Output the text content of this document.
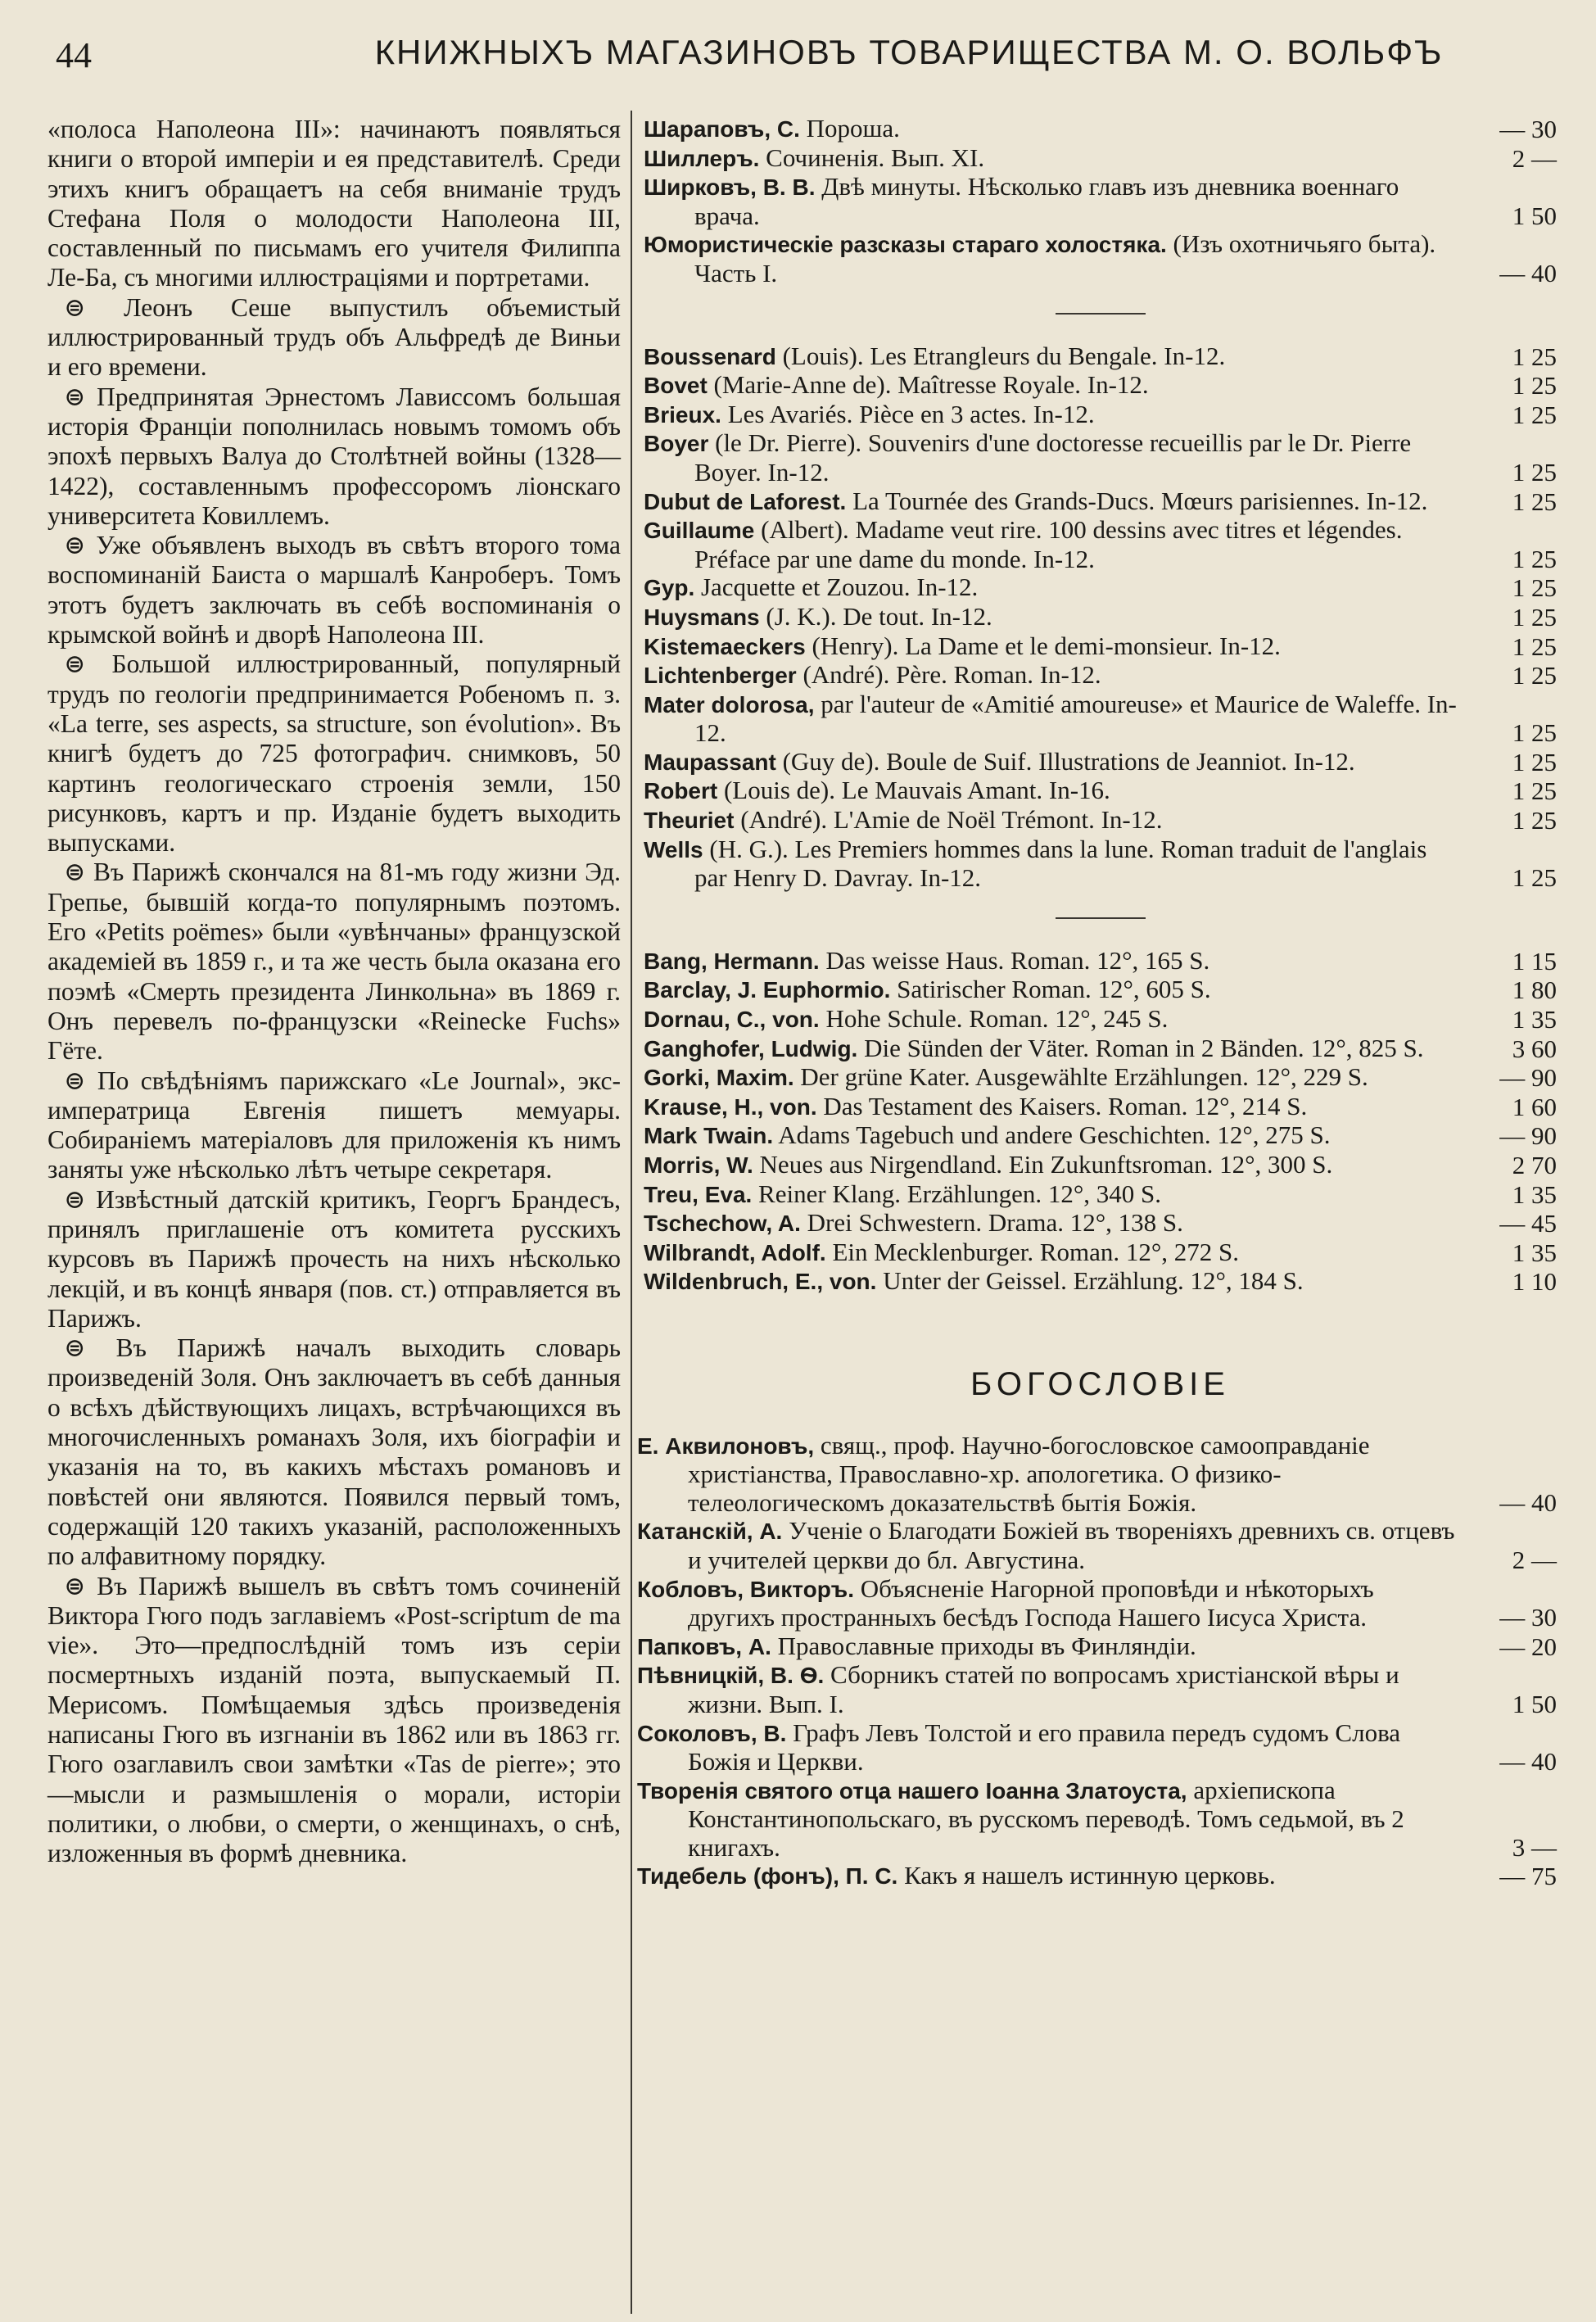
44	КНИЖНЫХЪ МАГАЗИНОВЪ ТОВАРИЩЕСТВА М. О. ВОЛЬФЪ

«полоса Наполеона III»: начинаютъ появляться книги о второй имперіи и ея представителѣ. Среди этихъ книгъ обращаетъ на себя вниманіе трудъ Стефана Поля о молодости Наполеона III, составленный по письмамъ его учителя Филиппа Ле-Ба, съ многими иллюстраціями и портретами.

⊜ Леонъ Сеше выпустилъ объемистый иллюстрированный трудъ объ Альфредѣ де Виньи и его времени.

⊜ Предпринятая Эрнестомъ Лависсомъ большая исторія Франціи пополнилась новымъ томомъ объ эпохѣ первыхъ Валуа до Столѣтней войны (1328—1422), составленнымъ профессоромъ ліонскаго университета Ковиллемъ.

⊜ Уже объявленъ выходъ въ свѣтъ второго тома воспоминаній Баиста о маршалѣ Канроберъ. Томъ этотъ будетъ заключать въ себѣ воспоминанія о крымской войнѣ и дворѣ Наполеона III.

⊜ Большой иллюстрированный, популярный трудъ по геологіи предпринимается Робеномъ п. з. «La terre, ses aspects, sa structure, son évolution». Въ книгѣ будетъ до 725 фотографич. снимковъ, 50 картинъ геологическаго строенія земли, 150 рисунковъ, картъ и пр. Изданіе будетъ выходить выпусками.

⊜ Въ Парижѣ скончался на 81-мъ году жизни Эд. Грепье, бывшій когда-то популярнымъ поэтомъ. Его «Petits poëmes» были «увѣнчаны» французской академіей въ 1859 г., и та же честь была оказана его поэмѣ «Смерть президента Линкольна» въ 1869 г. Онъ перевелъ по-французски «Reinecke Fuchs» Гёте.

⊜ По свѣдѣніямъ парижскаго «Le Journal», экс-императрица Евгенія пишетъ мемуары. Собираніемъ матеріаловъ для приложенія къ нимъ заняты уже нѣсколько лѣтъ четыре секретаря.

⊜ Извѣстный датскій критикъ, Георгъ Брандесъ, принялъ приглашеніе отъ комитета русскихъ курсовъ въ Парижѣ прочесть на нихъ нѣсколько лекцій, и въ концѣ января (пов. ст.) отправляется въ Парижъ.

⊜ Въ Парижѣ началъ выходить словарь произведеній Золя. Онъ заключаетъ въ себѣ данныя о всѣхъ дѣйствующихъ лицахъ, встрѣчающихся въ многочисленныхъ романахъ Золя, ихъ біографіи и указанія на то, въ какихъ мѣстахъ романовъ и повѣстей они являются. Появился первый томъ, содержащій 120 такихъ указаній, расположенныхъ по алфавитному порядку.

⊜ Въ Парижѣ вышелъ въ свѣтъ томъ сочиненій Виктора Гюго подъ заглавіемъ «Post-scriptum de ma vie». Это—предпослѣдній томъ изъ серіи посмертныхъ изданій поэта, выпускаемый П. Мерисомъ. Помѣщаемыя здѣсь произведенія написаны Гюго въ изгнаніи въ 1862 или въ 1863 гг. Гюго озаглавилъ свои замѣтки «Tas de pierre»; это—мысли и размышленія о морали, исторіи политики, о любви, о смерти, о женщинахъ, о снѣ, изложенныя въ формѣ дневника.

Шараповъ, С. Пороша.	— 30
Шиллеръ. Сочиненія. Вып. XI.	2 —
Ширковъ, В. В. Двѣ минуты. Нѣсколько главъ изъ дневника военнаго врача.	1 50
Юмористическіе разсказы стараго холостяка. (Изъ охотничьяго быта). Часть I.	— 40
Boussenard (Louis). Les Etrangleurs du Bengale. In-12.	1 25
Bovet (Marie-Anne de). Maîtresse Royale. In-12.	1 25
Brieux. Les Avariés. Pièce en 3 actes. In-12.	1 25
Boyer (le Dr. Pierre). Souvenirs d'une doctoresse recueillis par le Dr. Pierre Boyer. In-12.	1 25
Dubut de Laforest. La Tournée des Grands-Ducs. Mœurs parisiennes. In-12.	1 25
Guillaume (Albert). Madame veut rire. 100 dessins avec titres et légendes. Préface par une dame du monde. In-12.	1 25
Gyp. Jacquette et Zouzou. In-12.	1 25
Huysmans (J. K.). De tout. In-12.	1 25
Kistemaeckers (Henry). La Dame et le demi-monsieur. In-12.	1 25
Lichtenberger (André). Père. Roman. In-12.	1 25
Mater dolorosa, par l'auteur de «Amitié amoureuse» et Maurice de Waleffe. In-12.	1 25
Maupassant (Guy de). Boule de Suif. Illustrations de Jeanniot. In-12.	1 25
Robert (Louis de). Le Mauvais Amant. In-16.	1 25
Theuriet (André). L'Amie de Noël Trémont. In-12.	1 25
Wells (H. G.). Les Premiers hommes dans la lune. Roman traduit de l'anglais par Henry D. Davray. In-12.	1 25
Bang, Hermann. Das weisse Haus. Roman. 12°, 165 S.	1 15
Barclay, J. Euphormio. Satirischer Roman. 12°, 605 S.	1 80
Dornau, C., von. Hohe Schule. Roman. 12°, 245 S.	1 35
Ganghofer, Ludwig. Die Sünden der Väter. Roman in 2 Bänden. 12°, 825 S.	3 60
Gorki, Maxim. Der grüne Kater. Ausgewählte Erzählungen. 12°, 229 S.	— 90
Krause, H., von. Das Testament des Kaisers. Roman. 12°, 214 S.	1 60
Mark Twain. Adams Tagebuch und andere Geschichten. 12°, 275 S.	— 90
Morris, W. Neues aus Nirgendland. Ein Zukunftsroman. 12°, 300 S.	2 70
Treu, Eva. Reiner Klang. Erzählungen. 12°, 340 S.	1 35
Tschechow, A. Drei Schwestern. Drama. 12°, 138 S.	— 45
Wilbrandt, Adolf. Ein Mecklenburger. Roman. 12°, 272 S.	1 35
Wildenbruch, E., von. Unter der Geissel. Erzählung. 12°, 184 S.	1 10
БОГОСЛОВІЕ
Е. Аквилоновъ, свящ., проф. Научно-богословское самооправданіе христіанства, Православно-хр. апологетика. О физико-телеологическомъ доказательствѣ бытія Божія.	— 40
Катанскій, А. Ученіе о Благодати Божіей въ твореніяхъ древнихъ св. отцевъ и учителей церкви до бл. Августина.	2 —
Кобловъ, Викторъ. Объясненіе Нагорной проповѣди и нѣкоторыхъ другихъ пространныхъ бесѣдъ Господа Нашего Іисуса Христа.	— 30
Папковъ, А. Православные приходы въ Финляндіи.	— 20
Пѣвницкій, В. Ѳ. Сборникъ статей по вопросамъ христіанской вѣры и жизни. Вып. I.	1 50
Соколовъ, В. Графъ Левъ Толстой и его правила передъ судомъ Слова Божія и Церкви.	— 40
Творенія святого отца нашего Іоанна Златоуста, архіепископа Константинопольскаго, въ русскомъ переводѣ. Томъ седьмой, въ 2 книгахъ.	3 —
Тидебель (фонъ), П. С. Какъ я нашелъ истинную церковь.	— 75
